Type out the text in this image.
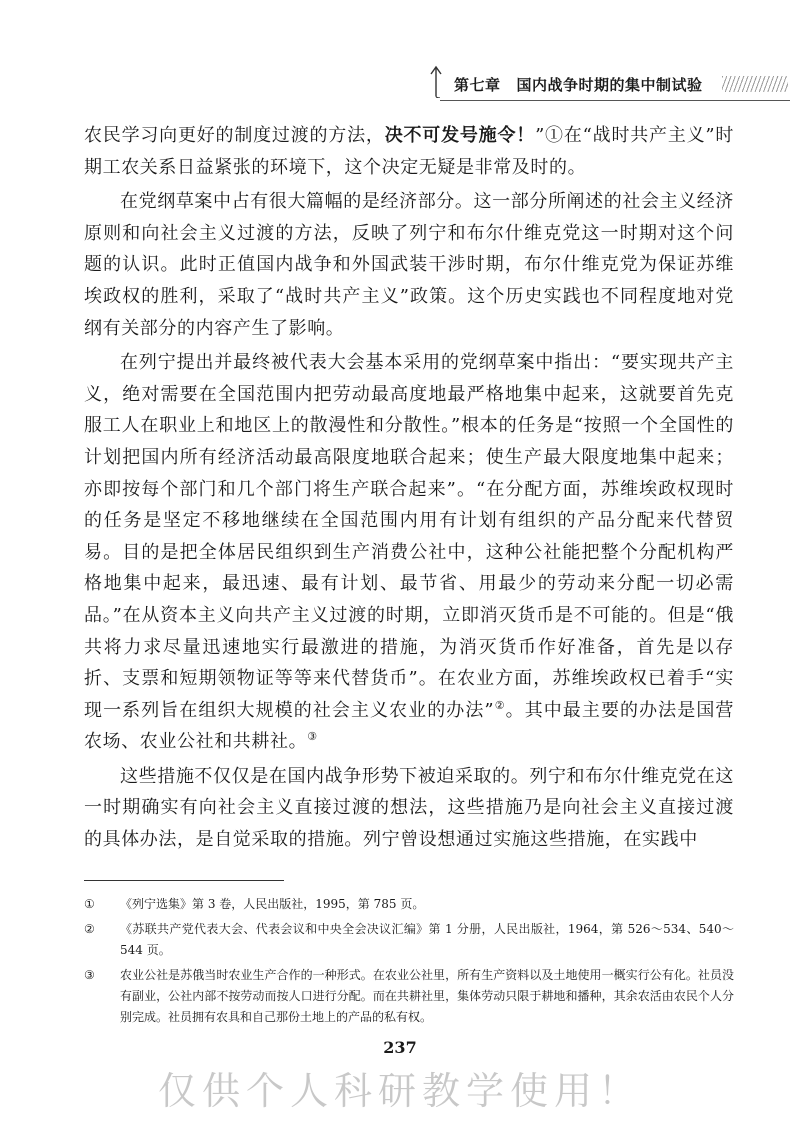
第七章 国内战争时期的集中制试验

农民学习向更好的制度过渡的方法，决不可发号施令！”①在“战时共产主义”时期工农关系日益紧张的环境下，这个决定无疑是非常及时的。

在党纲草案中占有很大篇幅的是经济部分。这一部分所阐述的社会主义经济原则和向社会主义过渡的方法，反映了列宁和布尔什维克党这一时期对这个问题的认识。此时正值国内战争和外国武装干涉时期，布尔什维克党为保证苏维埃政权的胜利，采取了“战时共产主义”政策。这个历史实践也不同程度地对党纲有关部分的内容产生了影响。

在列宁提出并最终被代表大会基本采用的党纲草案中指出：“要实现共产主义，绝对需要在全国范围内把劳动最高度地最严格地集中起来，这就要首先克服工人在职业上和地区上的散漫性和分散性。”根本的任务是“按照一个全国性的计划把国内所有经济活动最高限度地联合起来；使生产最大限度地集中起来；亦即按每个部门和几个部门将生产联合起来”。“在分配方面，苏维埃政权现时的任务是坚定不移地继续在全国范围内用有计划有组织的产品分配来代替贸易。目的是把全体居民组织到生产消费公社中，这种公社能把整个分配机构严格地集中起来，最迅速、最有计划、最节省、用最少的劳动来分配一切必需品。”在从资本主义向共产主义过渡的时期，立即消灭货币是不可能的。但是“俄共将力求尽量迅速地实行最激进的措施，为消灭货币作好准备，首先是以存折、支票和短期领物证等等来代替货币”。在农业方面，苏维埃政权已着手“实现一系列旨在组织大规模的社会主义农业的办法”②。其中最主要的办法是国营农场、农业公社和共耕社。③

这些措施不仅仅是在国内战争形势下被迫采取的。列宁和布尔什维克党在这一时期确实有向社会主义直接过渡的想法，这些措施乃是向社会主义直接过渡的具体办法，是自觉采取的措施。列宁曾设想通过实施这些措施，在实践中

①	《列宁选集》第 3 卷，人民出版社，1995，第 785 页。
②	《苏联共产党代表大会、代表会议和中央全会决议汇编》第 1 分册，人民出版社，1964，第 526～534、540～544 页。
③	农业公社是苏俄当时农业生产合作的一种形式。在农业公社里，所有生产资料以及土地使用一概实行公有化。社员没有副业，公社内部不按劳动而按人口进行分配。而在共耕社里，集体劳动只限于耕地和播种，其余农活由农民个人分别完成。社员拥有农具和自己那份土地上的产品的私有权。
237
仅供个人科研教学使用！
